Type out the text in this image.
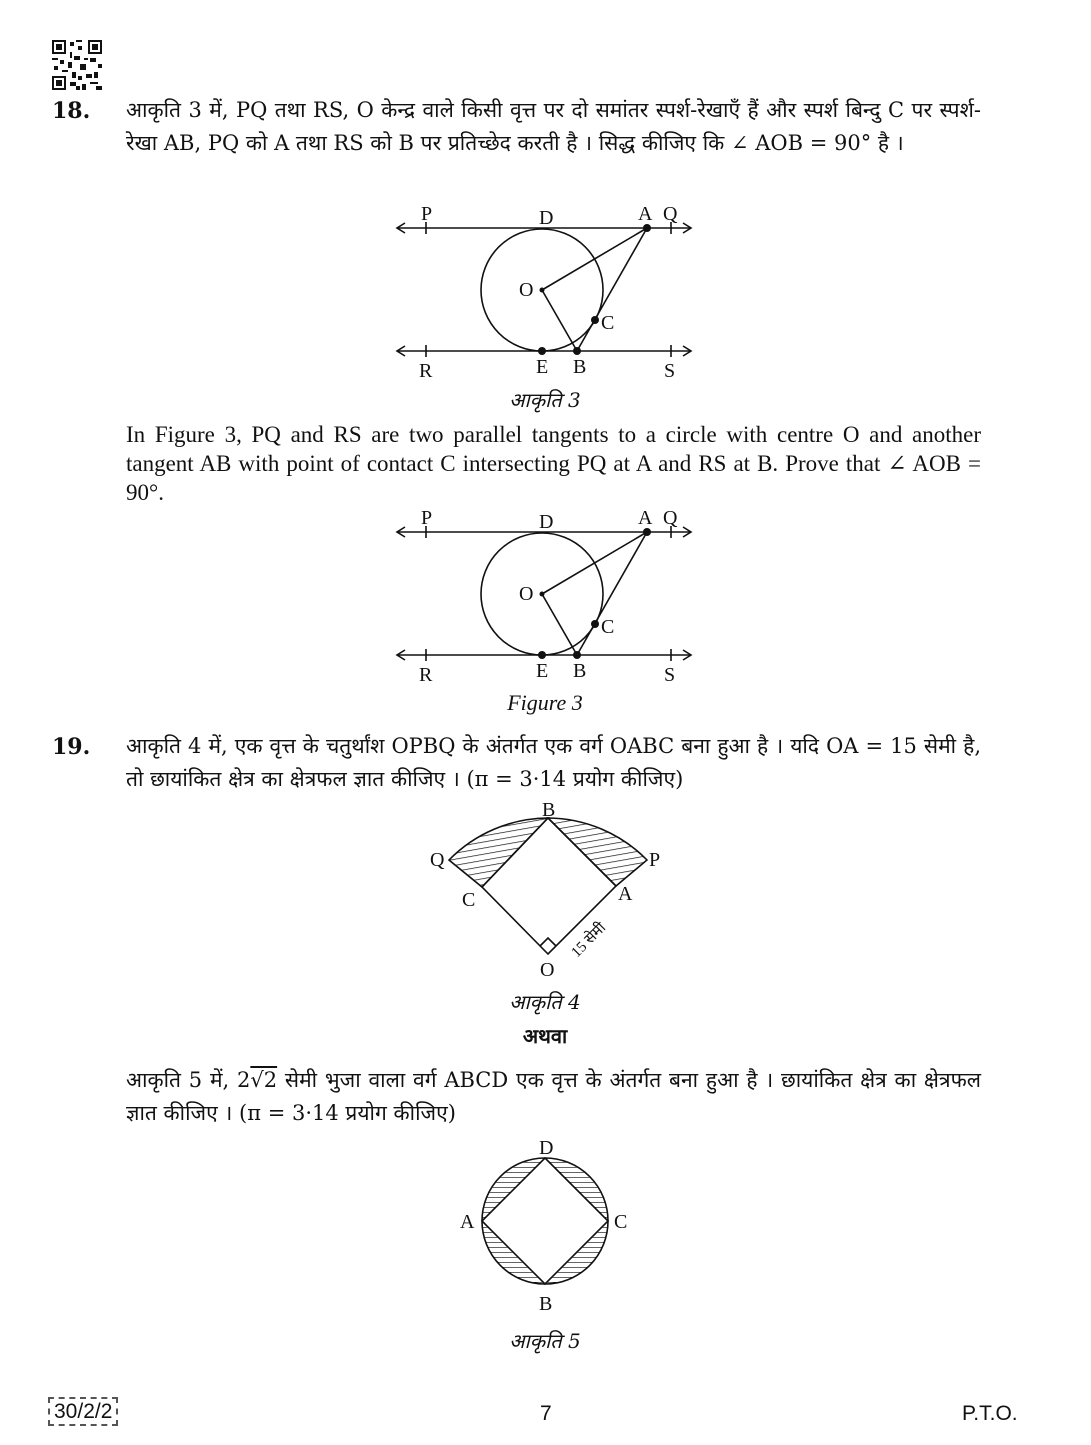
18. आकृति 3 में, PQ तथा RS, O केन्द्र वाले किसी वृत्त पर दो समांतर स्पर्श-रेखाएँ हैं और स्पर्श बिन्दु C पर स्पर्श-रेखा AB, PQ को A तथा RS को B पर प्रतिच्छेद करती है । सिद्ध कीजिए कि ∠ AOB = 90° है ।
P	D	A Q
O
C
R	E B	S
आकृति 3
In Figure 3, PQ and RS are two parallel tangents to a circle with centre O and another tangent AB with point of contact C intersecting PQ at A and RS at B. Prove that ∠ AOB = 90°.
P	D	A Q
O
C
R	E B	S
Figure 3
19. आकृति 4 में, एक वृत्त के चतुर्थांश OPBQ के अंतर्गत एक वर्ग OABC बना हुआ है । यदि OA = 15 सेमी है, तो छायांकित क्षेत्र का क्षेत्रफल ज्ञात कीजिए । (π = 3·14 प्रयोग कीजिए)
B
Q	P
C	A
O
15 सेमी
आकृति 4
अथवा
आकृति 5 में, 2√2 सेमी भुजा वाला वर्ग ABCD एक वृत्त के अंतर्गत बना हुआ है । छायांकित क्षेत्र का क्षेत्रफल ज्ञात कीजिए । (π = 3·14 प्रयोग कीजिए)
D
A	C
B
आकृति 5
30/2/2	7	P.T.O.
